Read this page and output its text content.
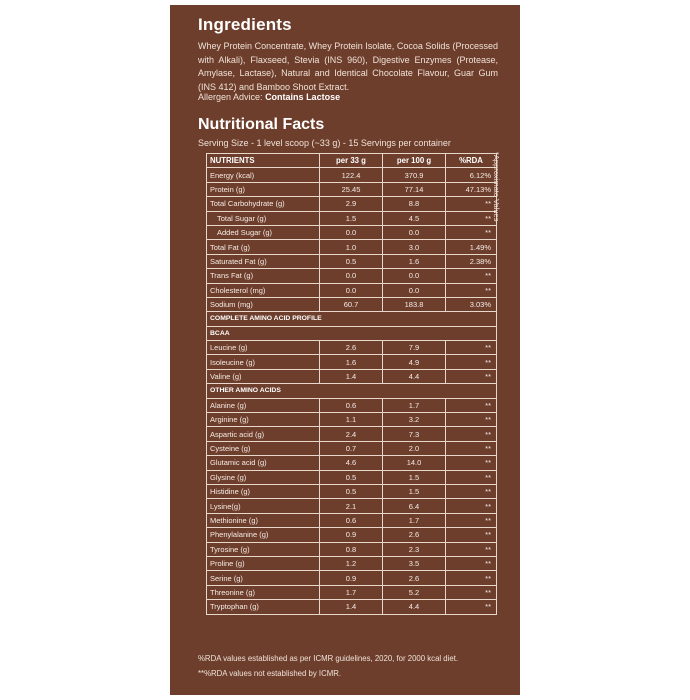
Ingredients

Whey Protein Concentrate, Whey Protein Isolate, Cocoa Solids (Processed with Alkali), Flaxseed, Stevia (INS 960), Digestive Enzymes (Protease, Amylase, Lactase), Natural and Identical Chocolate Flavour, Guar Gum (INS 412) and Bamboo Shoot Extract.

Allergen Advice: Contains Lactose
Nutritional Facts
Serving Size - 1 level scoop (~33 g) - 15 Servings per container
NUTRIENTS	per 33 g	per 100 g	%RDA
Energy (kcal)	122.4	370.9	6.12%
Protein (g)	25.45	77.14	47.13%
Total Carbohydrate (g)	2.9	8.8	**
Total Sugar (g)	1.5	4.5	**
Added Sugar (g)	0.0	0.0	**
Total Fat (g)	1.0	3.0	1.49%
Saturated Fat (g)	0.5	1.6	2.38%
Trans Fat (g)	0.0	0.0	**
Cholesterol (mg)	0.0	0.0	**
Sodium (mg)	60.7	183.8	3.03%
COMPLETE AMINO ACID PROFILE			
BCAA			
Leucine (g)	2.6	7.9	**
Isoleucine (g)	1.6	4.9	**
Valine (g)	1.4	4.4	**
OTHER AMINO ACIDS			
Alanine (g)	0.6	1.7	**
Arginine (g)	1.1	3.2	**
Aspartic acid (g)	2.4	7.3	**
Cysteine (g)	0.7	2.0	**
Glutamic acid (g)	4.6	14.0	**
Glysine (g)	0.5	1.5	**
Histidine (g)	0.5	1.5	**
Lysine(g)	2.1	6.4	**
Methionine (g)	0.6	1.7	**
Phenylalanine (g)	0.9	2.6	**
Tyrosine (g)	0.8	2.3	**
Proline (g)	1.2	3.5	**
Serine (g)	0.9	2.6	**
Threonine (g)	1.7	5.2	**
Tryptophan (g)	1.4	4.4	**
%RDA values established as per ICMR guidelines, 2020, for 2000 kcal diet.
**%RDA values not established by ICMR.
*Approximate Values
